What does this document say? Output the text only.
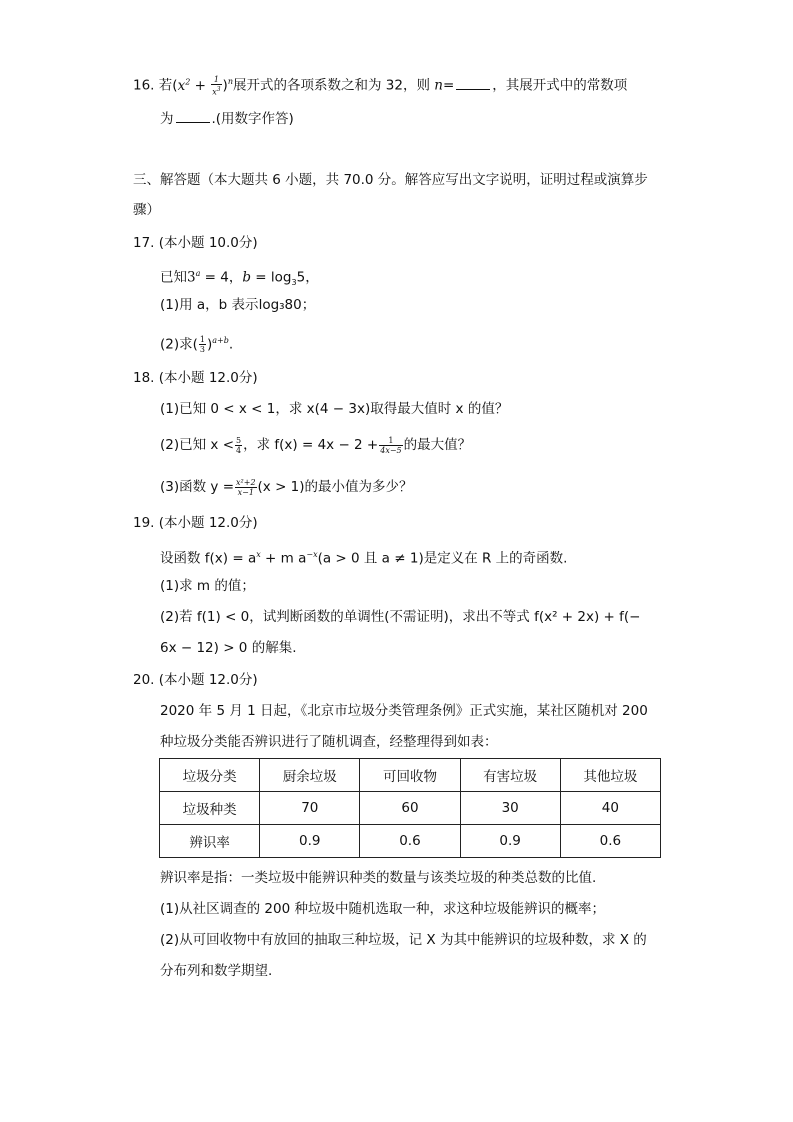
16. 若$(x^2 + \frac{1}{x^3} )^n$展开式的各项系数之和为 32，则 n=	，其展开式中的常数项
为	.(用数字作答)
三、解答题（本大题共 6 小题，共 70.0 分。解答应写出文字说明，证明过程或演算步
骤）
17. (本小题 10.0分)
已知$3^a = 4$，$b = \log_35$，
(1)用 a，b 表示log₃80；
(2)求( $\frac{1}{3} )^{a+b}$.
18. (本小题 12.0分)
(1)已知 0 < x < 1，求 x(4 − 3x)取得最大值时 x 的值？
(2)已知 $x < \frac{5}{4}$ ，求 $f(x) = 4x - 2 + \frac{1}{4x-5}$ 的最大值？
(3)函数 $y = \frac{\text{x²+2}}{x-1} (x > 1)$的最小值为多少？
19. (本小题 12.0分)
设函数 $f(x) = a^x + m$ $a^{-x}(a > 0$ 且 a ≠ 1)是定义在 R 上的奇函数.
(1)求 m 的值；
(2)若 f(1) < 0，试判断函数的单调性(不需证明)，求出不等式 f(x² + 2x) + f(−
6x − 12) > 0 的解集.
20. (本小题 12.0分)
2020 年 5 月 1 日起，《北京市垃圾分类管理条例》正式实施，某社区随机对 200
种垃圾分类能否辨识进行了随机调查，经整理得到如表：
垃圾分类	厨余垃圾	可回收物	有害垃圾	其他垃圾
垃圾种类	70	60	30	40
辨识率	0.9	0.6	0.9	0.6
辨识率是指：一类垃圾中能辨识种类的数量与该类垃圾的种类总数的比值.
(1)从社区调查的 200 种垃圾中随机选取一种，求这种垃圾能辨识的概率；
(2)从可回收物中有放回的抽取三种垃圾，记 X 为其中能辨识的垃圾种数，求 X 的
分布列和数学期望.
